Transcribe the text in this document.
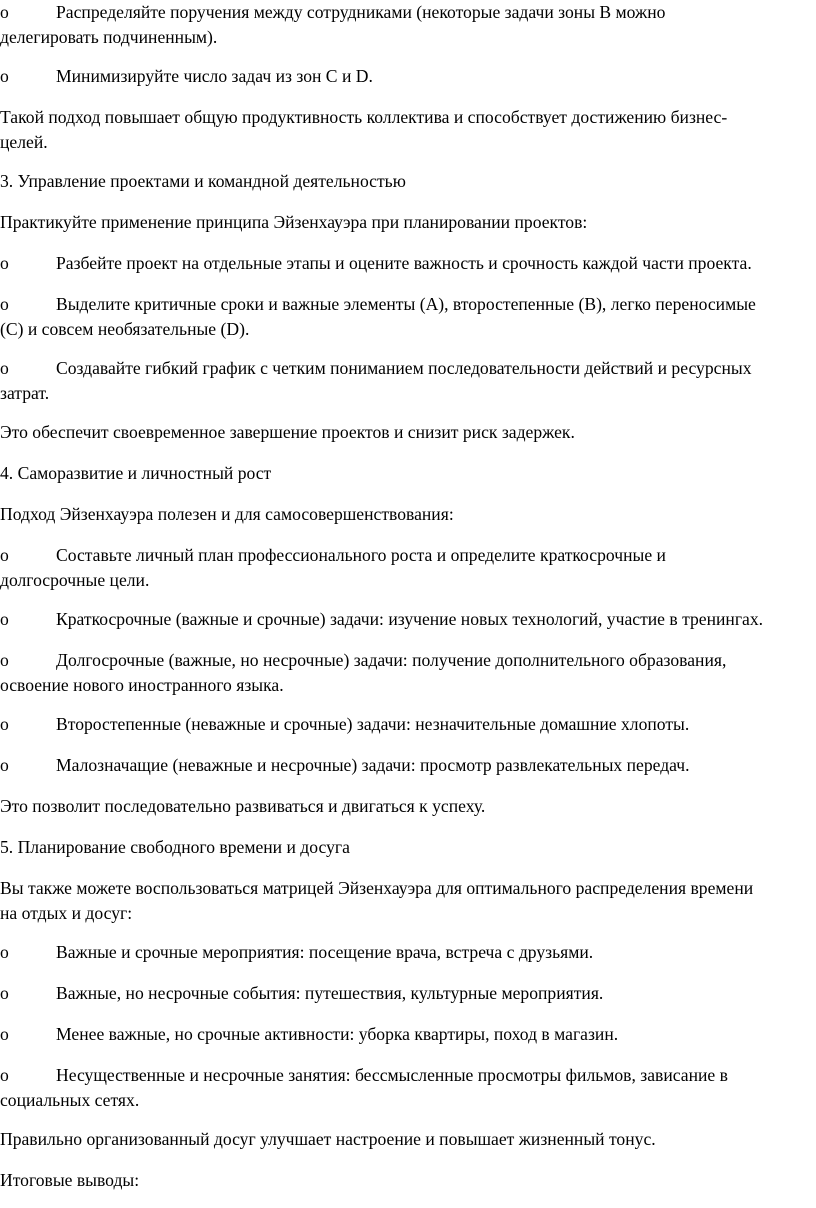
o	Распределяйте поручения между сотрудниками (некоторые задачи зоны B можно
делегировать подчиненным).
o	Минимизируйте число задач из зон C и D.
Такой подход повышает общую продуктивность коллектива и способствует достижению бизнес-
целей.
3. Управление проектами и командной деятельностью
Практикуйте применение принципа Эйзенхауэра при планировании проектов:
o	Разбейте проект на отдельные этапы и оцените важность и срочность каждой части проекта.
o	Выделите критичные сроки и важные элементы (A), второстепенные (B), легко переносимые
(C) и совсем необязательные (D).
o	Создавайте гибкий график с четким пониманием последовательности действий и ресурсных
затрат.
Это обеспечит своевременное завершение проектов и снизит риск задержек.
4. Саморазвитие и личностный рост
Подход Эйзенхауэра полезен и для самосовершенствования:
o	Составьте личный план профессионального роста и определите краткосрочные и
долгосрочные цели.
o	Краткосрочные (важные и срочные) задачи: изучение новых технологий, участие в тренингах.
o	Долгосрочные (важные, но несрочные) задачи: получение дополнительного образования,
освоение нового иностранного языка.
o	Второстепенные (неважные и срочные) задачи: незначительные домашние хлопоты.
o	Малозначащие (неважные и несрочные) задачи: просмотр развлекательных передач.
Это позволит последовательно развиваться и двигаться к успеху.
5. Планирование свободного времени и досуга
Вы также можете воспользоваться матрицей Эйзенхауэра для оптимального распределения времени
на отдых и досуг:
o	Важные и срочные мероприятия: посещение врача, встреча с друзьями.
o	Важные, но несрочные события: путешествия, культурные мероприятия.
o	Менее важные, но срочные активности: уборка квартиры, поход в магазин.
o	Несущественные и несрочные занятия: бессмысленные просмотры фильмов, зависание в
социальных сетях.
Правильно организованный досуг улучшает настроение и повышает жизненный тонус.
Итоговые выводы:
